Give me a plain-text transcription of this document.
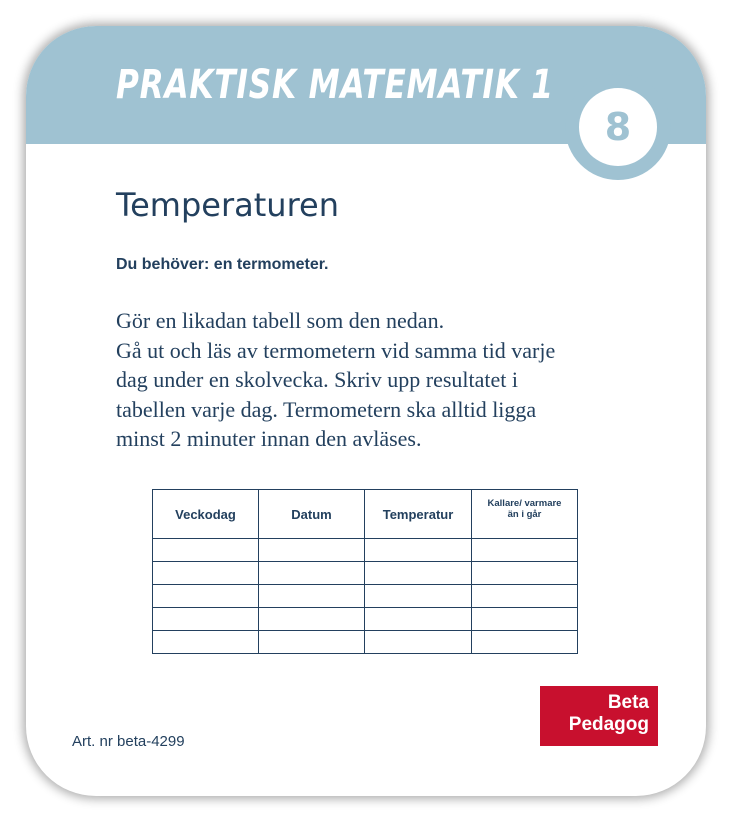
PRAKTISK MATEMATIK 1
8
Temperaturen
Du behöver: en termometer.
Gör en likadan tabell som den nedan.
Gå ut och läs av termometern vid samma tid varje
dag under en skolvecka. Skriv upp resultatet i
tabellen varje dag. Termometern ska alltid ligga
minst 2 minuter innan den avläses.
Veckodag	Datum	Temperatur	Kallare/ varmare
än i går

Art. nr beta-4299
Beta
Pedagog
